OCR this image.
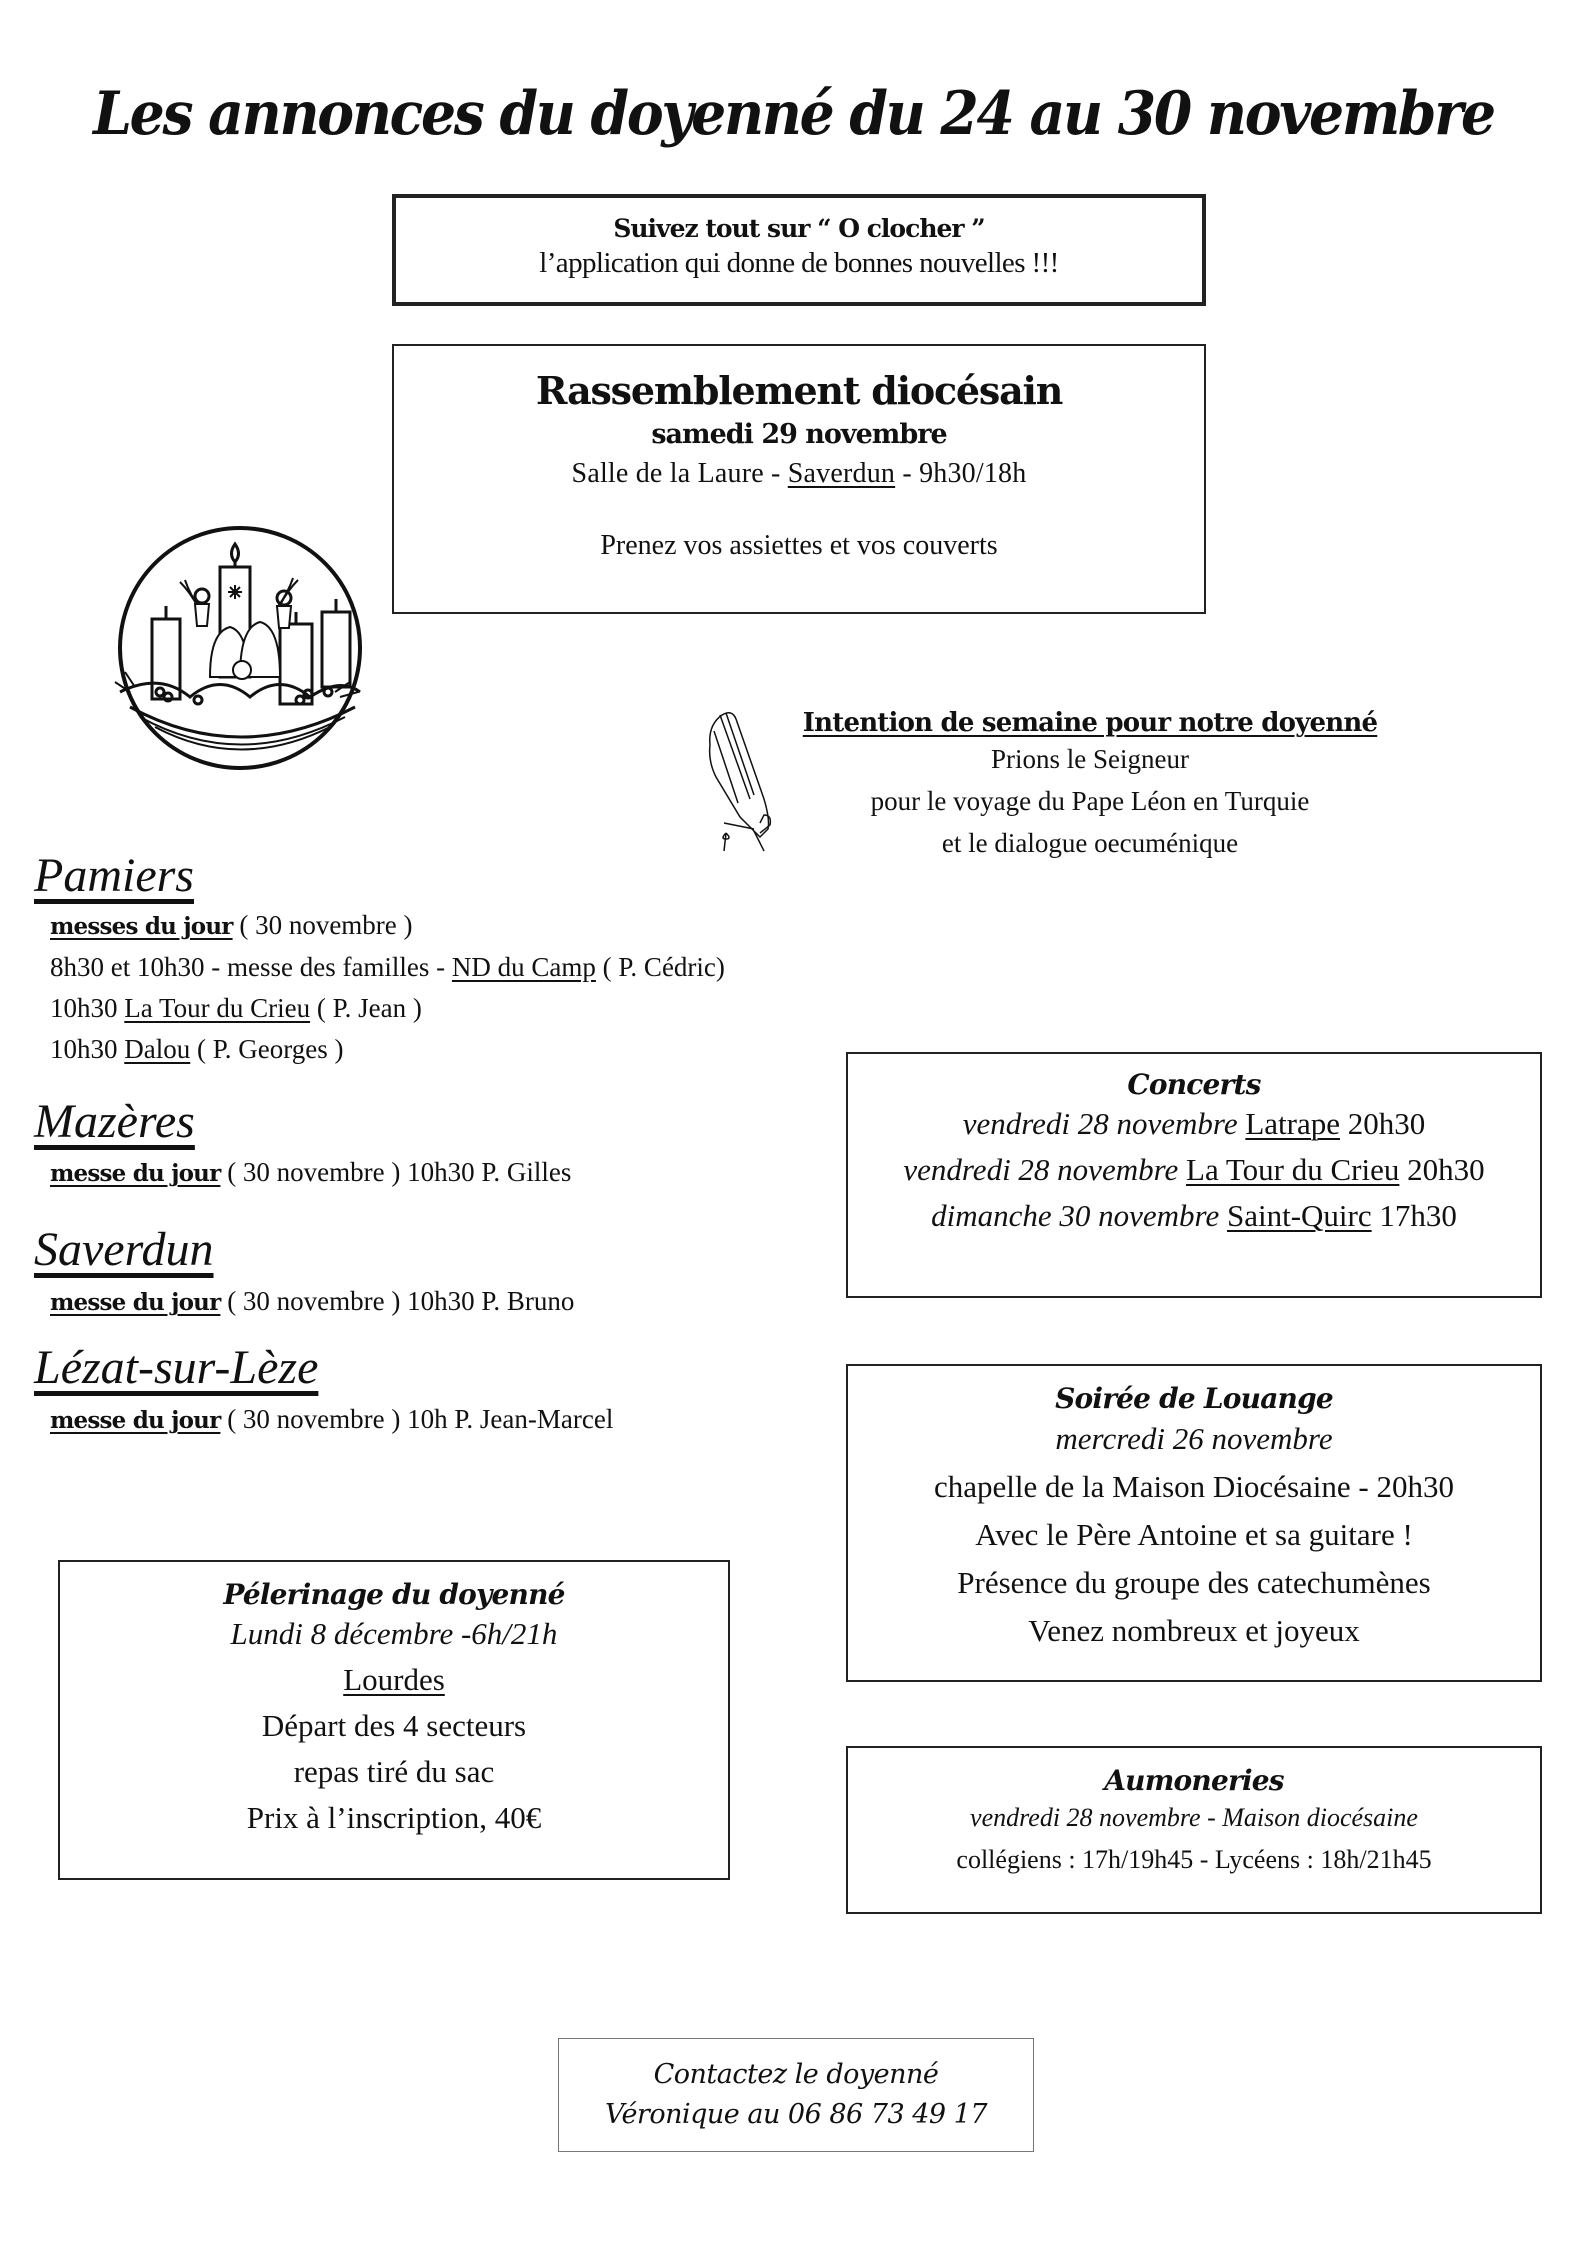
Les annonces du doyenné du 24 au 30 novembre
Suivez tout sur “ O clocher ”
l’application qui donne de bonnes nouvelles !!!
Rassemblement diocésain
samedi 29 novembre
Salle de la Laure - Saverdun - 9h30/18h
Prenez vos assiettes et vos couverts
Intention de semaine pour notre doyenné
Prions le Seigneur
pour le voyage du Pape Léon en Turquie
et le dialogue oecuménique
Pamiers
messes du jour ( 30 novembre )
8h30 et 10h30 - messe des familles - ND du Camp ( P. Cédric)
10h30 La Tour du Crieu ( P. Jean )
10h30 Dalou ( P. Georges )
Mazères
messe du jour ( 30 novembre ) 10h30 P. Gilles
Saverdun
messe du jour ( 30 novembre ) 10h30 P. Bruno
Lézat-sur-Lèze
messe du jour ( 30 novembre ) 10h P. Jean-Marcel
Concerts
vendredi 28 novembre Latrape 20h30
vendredi 28 novembre La Tour du Crieu 20h30
dimanche 30 novembre Saint-Quirc 17h30
Soirée de Louange
mercredi 26 novembre
chapelle de la Maison Diocésaine - 20h30
Avec le Père Antoine et sa guitare !
Présence du groupe des catechumènes
Venez nombreux et joyeux
Pélerinage du doyenné
Lundi 8 décembre -6h/21h
Lourdes
Départ des 4 secteurs
repas tiré du sac
Prix à l’inscription, 40€
Aumoneries
vendredi 28 novembre - Maison diocésaine
collégiens : 17h/19h45 - Lycéens : 18h/21h45
Contactez le doyenné
Véronique au 06 86 73 49 17
